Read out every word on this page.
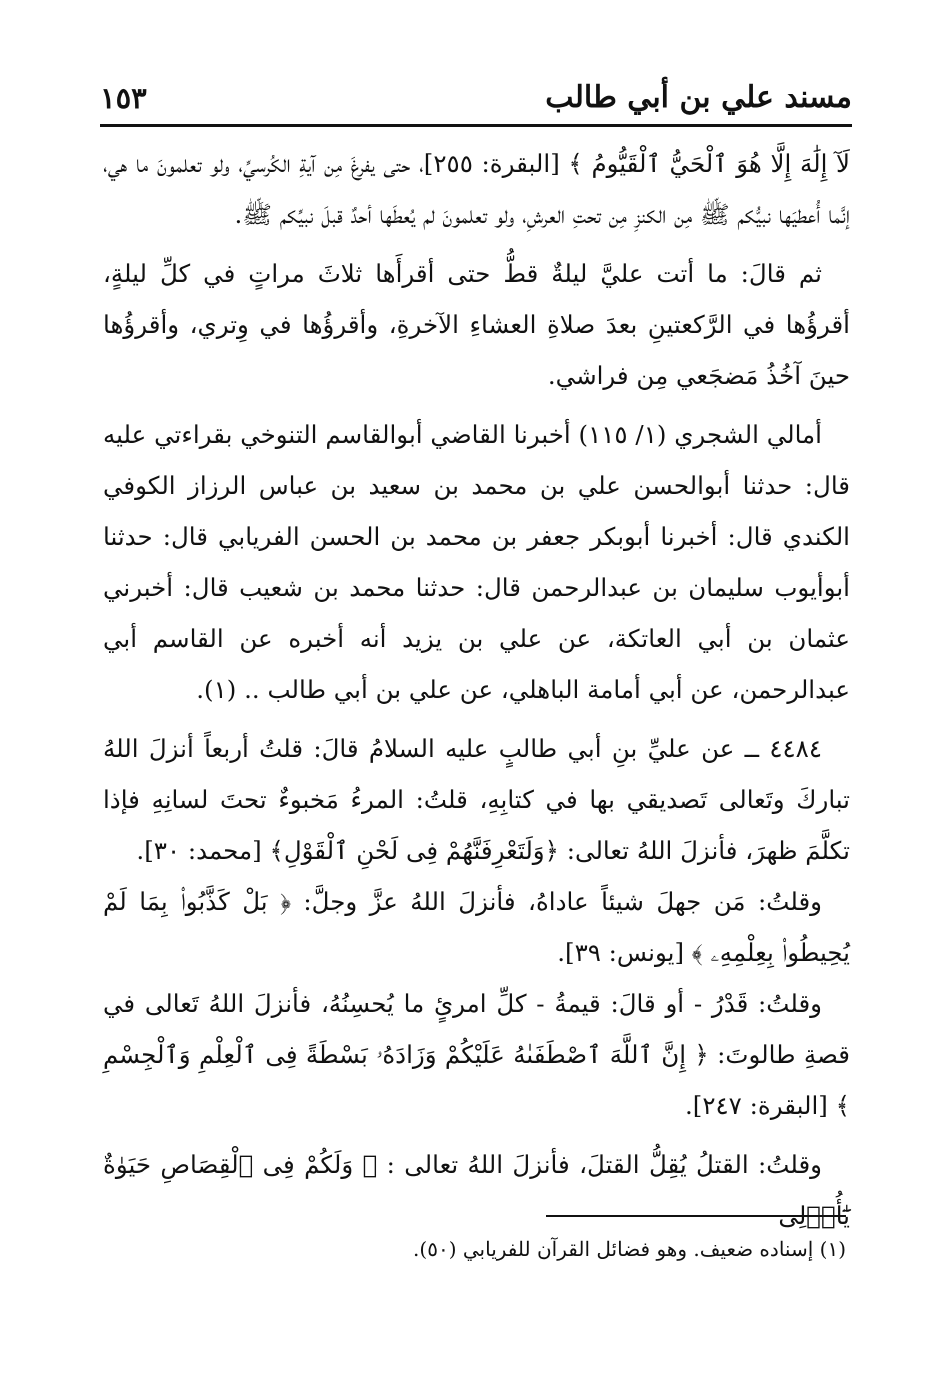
مسند علي بن أبي طالب
١٥٣

لَآ إِلَٰهَ إِلَّا هُوَ ٱلْحَيُّ ٱلْقَيُّومُ ﴾ [البقرة: ٢٥٥]، حتى يفرغَ مِن آيةِ الكُرسيِّ، ولو تعلمونَ ما هي، إنَّما أُعطيَها نبيُّكم ﷺ مِن الكنزِ مِن تحتِ العرشِ، ولو تعلمونَ لم يُعطَها أحدٌ قبلَ نبيِّكم ﷺ.

ثم قالَ: ما أتت عليَّ ليلةٌ قطُّ حتى أقرأَها ثلاثَ مراتٍ في كلِّ ليلةٍ، أقرؤُها في الرَّكعتينِ بعدَ صلاةِ العشاءِ الآخرةِ، وأقرؤُها في وِتري، وأقرؤُها حينَ آخُذُ مَضجَعي مِن فراشي.

أمالي الشجري (١/ ١١٥) أخبرنا القاضي أبوالقاسم التنوخي بقراءتي عليه قال: حدثنا أبوالحسن علي بن محمد بن سعيد بن عباس الرزاز الكوفي الكندي قال: أخبرنا أبوبكر جعفر بن محمد بن الحسن الفريابي قال: حدثنا أبوأيوب سليمان بن عبدالرحمن قال: حدثنا محمد بن شعيب قال: أخبرني عثمان بن أبي العاتكة، عن علي بن يزيد أنه أخبره عن القاسم أبي عبدالرحمن، عن أبي أمامة الباهلي، عن علي بن أبي طالب .. (١).

٤٤٨٤ ــ عن عليِّ بنِ أبي طالبٍ عليه السلامُ قالَ: قلتُ أربعاً أنزلَ اللهُ تباركَ وتَعالى تَصديقي بها في كتابِهِ، قلتُ: المرءُ مَخبوءٌ تحتَ لسانِهِ فإذا تكلَّمَ ظهرَ، فأنزلَ اللهُ تعالى: ﴿وَلَتَعْرِفَنَّهُمْ فِى لَحْنِ ٱلْقَوْلِ﴾ [محمد: ٣٠].

وقلتُ: مَن جهلَ شيئاً عاداهُ، فأنزلَ اللهُ عزَّ وجلَّ: ﴿ بَلْ كَذَّبُوا۟ بِمَا لَمْ يُحِيطُوا۟ بِعِلْمِهِۦ ﴾ [يونس: ٣٩].

وقلتُ: قَدْرُ - أو قالَ: قيمةُ - كلِّ امرئٍ ما يُحسِنُهُ، فأنزلَ اللهُ تَعالى في قصةِ طالوتَ: ﴿ إِنَّ ٱللَّهَ ٱصْطَفَىٰهُ عَلَيْكُمْ وَزَادَهُۥ بَسْطَةً فِى ٱلْعِلْمِ وَٱلْجِسْمِ ﴾ [البقرة: ٢٤٧].

وقلتُ: القتلُ يُقِلُّ القتلَ، فأنزلَ اللهُ تعالى : ﴿ وَلَكُمْ فِى ٱلْقِصَاصِ حَيَوٰةٌ يَٰٓأُو۟لِى

(١) إسناده ضعيف. وهو فضائل القرآن للفريابي (٥٠).
